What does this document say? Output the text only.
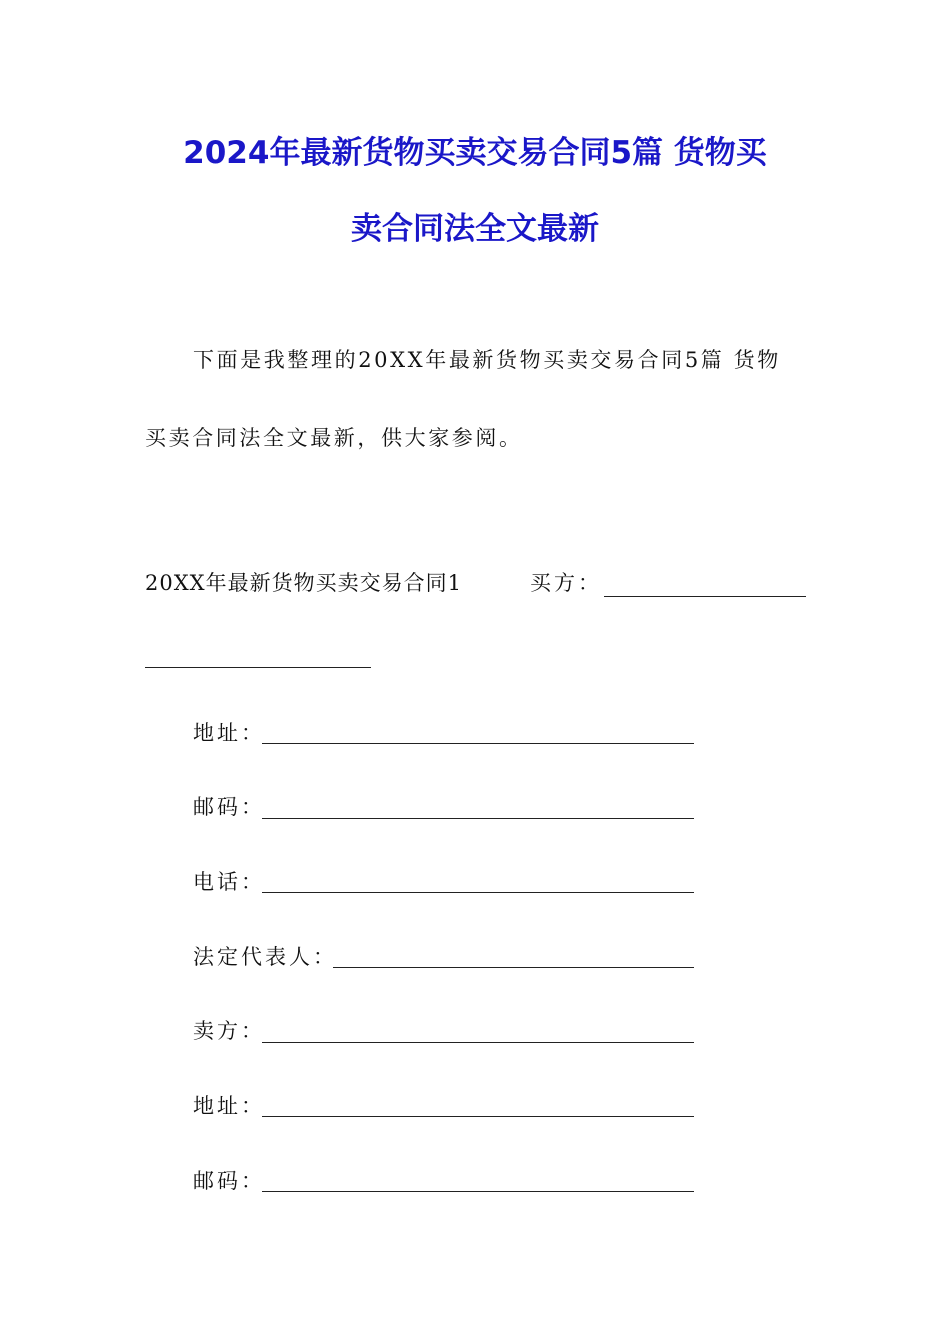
2024年最新货物买卖交易合同5篇 货物买
卖合同法全文最新
下面是我整理的20XX年最新货物买卖交易合同5篇 货物
买卖合同法全文最新，供大家参阅。
20XX年最新货物买卖交易合同1	买方：
地址：
邮码：
电话：
法定代表人：
卖方：
地址：
邮码：
